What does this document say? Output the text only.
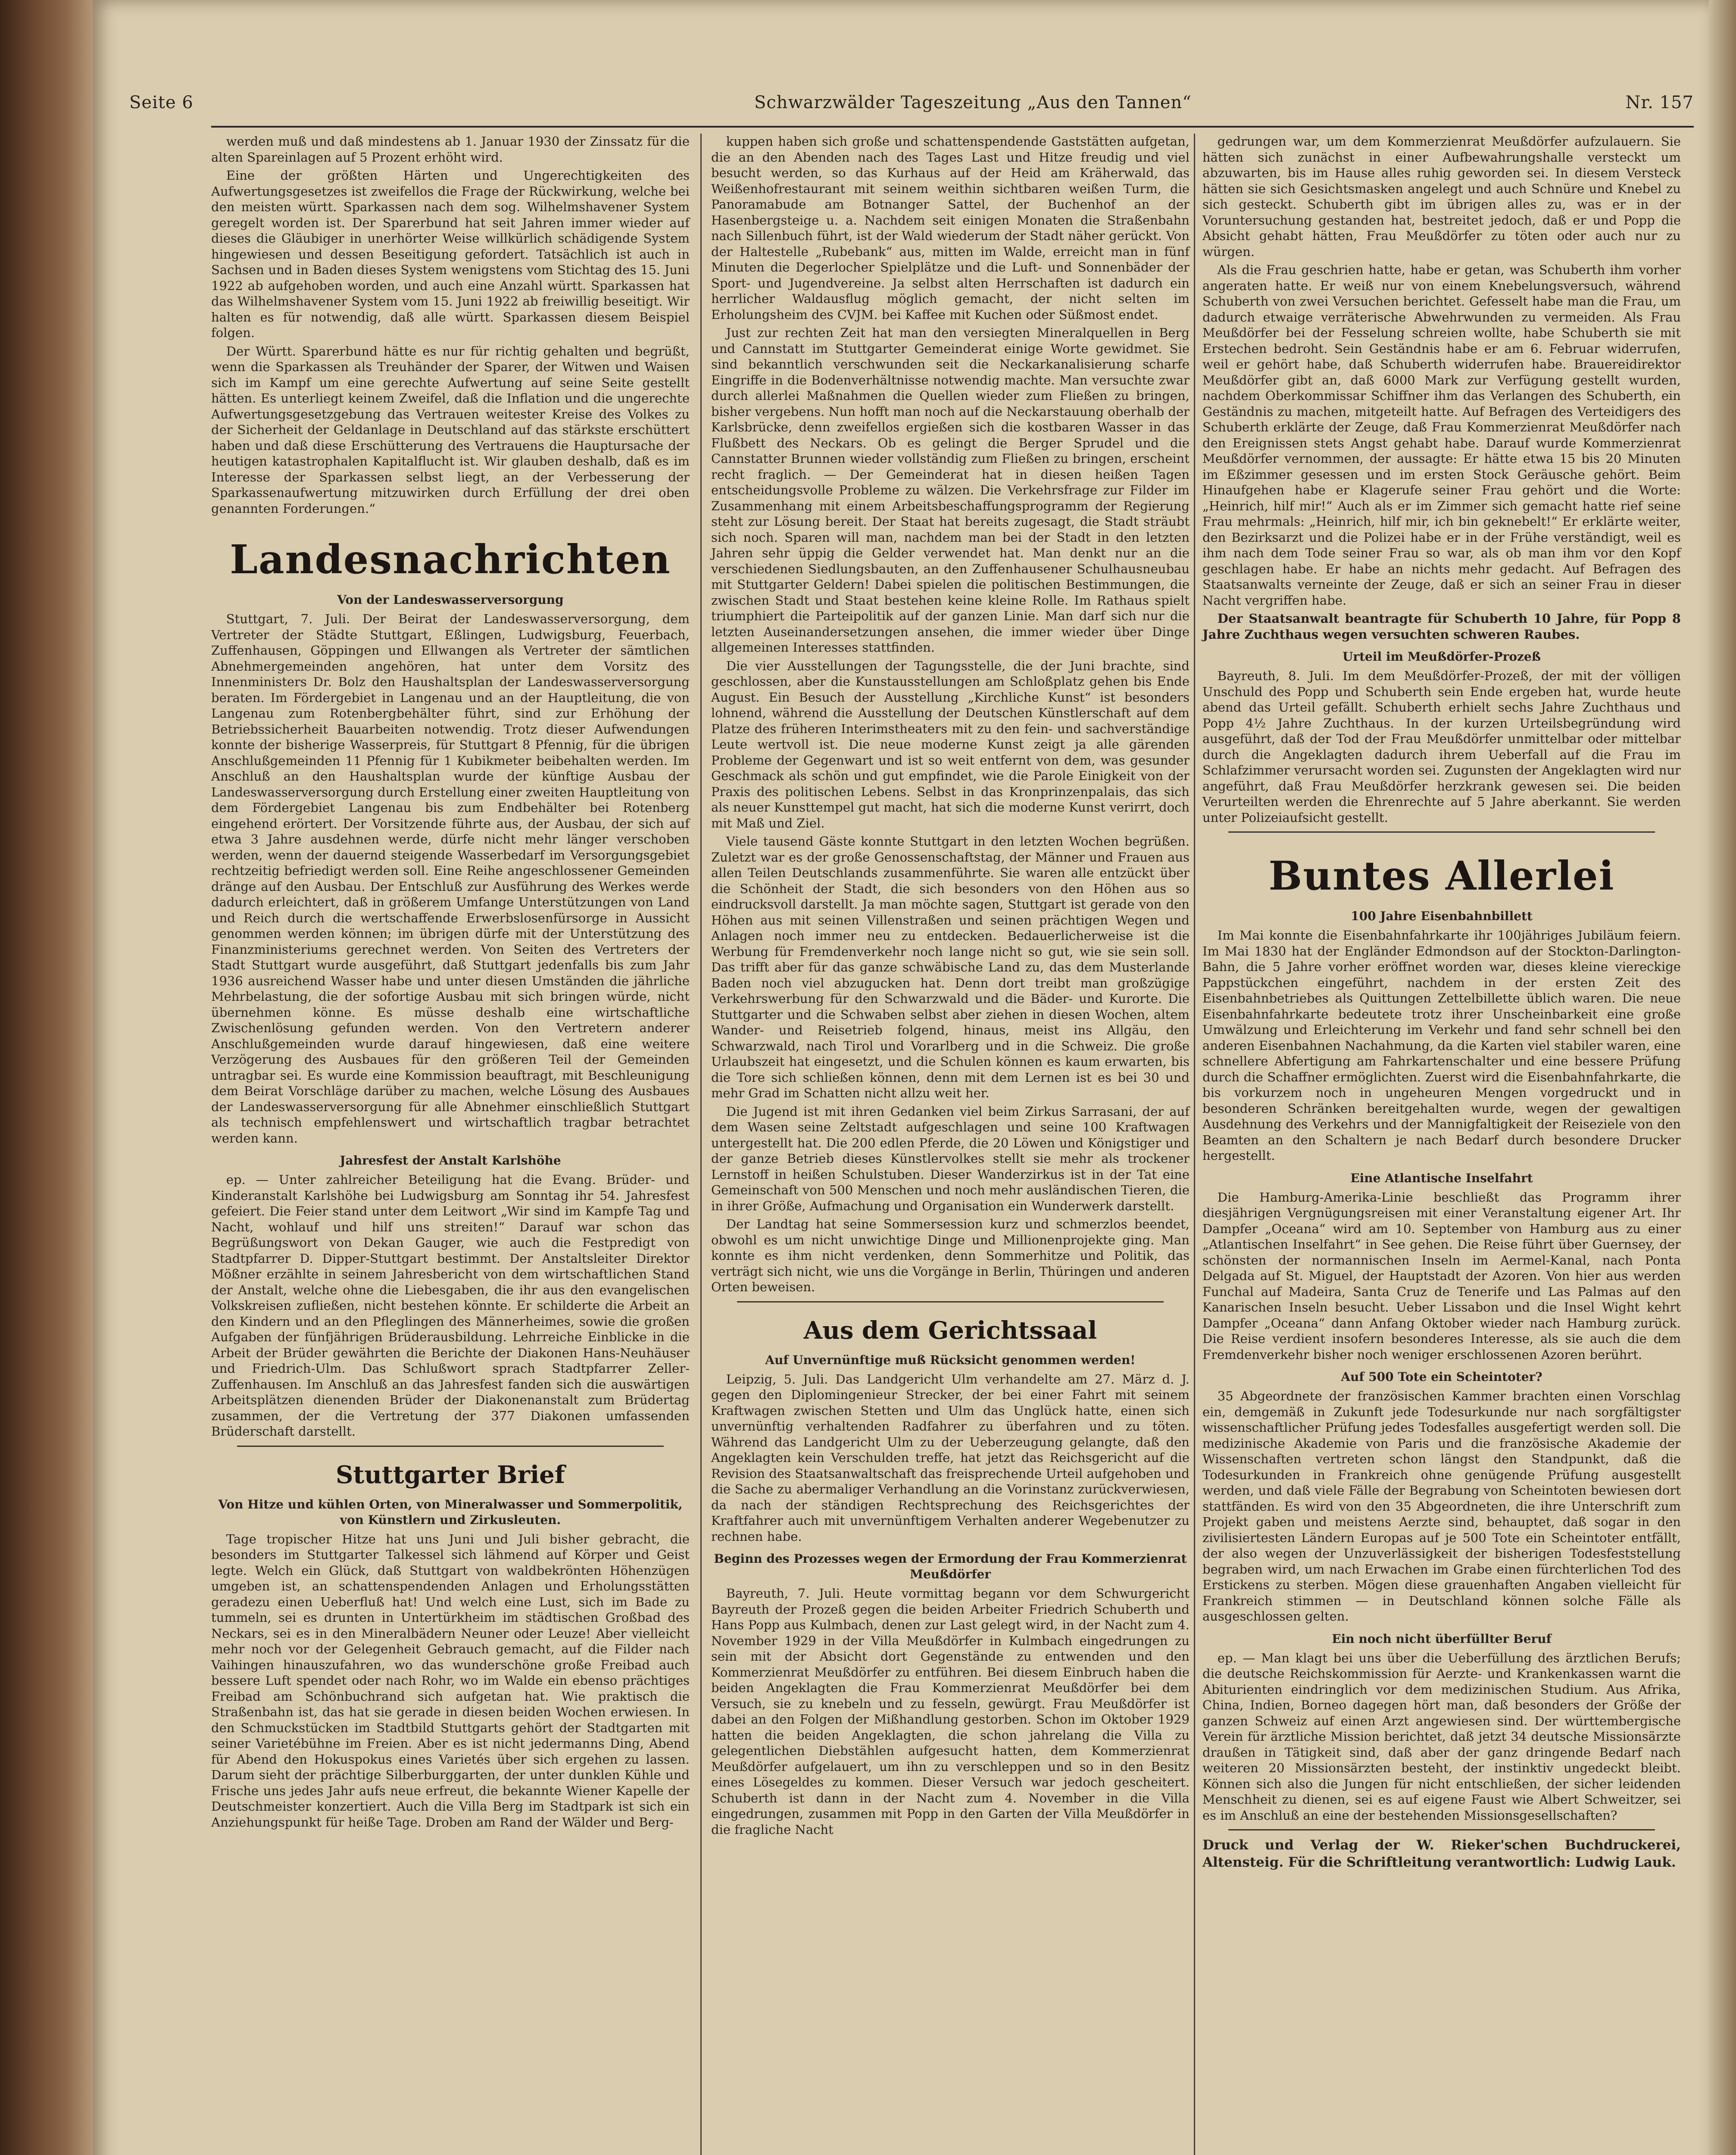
Seite 6	Schwarzwälder Tageszeitung „Aus den Tannen“	Nr. 157

werden muß und daß mindestens ab 1. Januar 1930 der Zinssatz für die alten Spareinlagen auf 5 Prozent erhöht wird.

Eine der größten Härten und Ungerechtigkeiten des Aufwertungsgesetzes ist zweifellos die Frage der Rückwirkung, welche bei den meisten württ. Sparkassen nach dem sog. Wilhelmshavener System geregelt worden ist. Der Sparerbund hat seit Jahren immer wieder auf dieses die Gläubiger in unerhörter Weise willkürlich schädigende System hingewiesen und dessen Beseitigung gefordert. Tatsächlich ist auch in Sachsen und in Baden dieses System wenigstens vom Stichtag des 15. Juni 1922 ab aufgehoben worden, und auch eine Anzahl württ. Sparkassen hat das Wilhelmshavener System vom 15. Juni 1922 ab freiwillig beseitigt. Wir halten es für notwendig, daß alle württ. Sparkassen diesem Beispiel folgen.

Der Württ. Sparerbund hätte es nur für richtig gehalten und begrüßt, wenn die Sparkassen als Treuhänder der Sparer, der Witwen und Waisen sich im Kampf um eine gerechte Aufwertung auf seine Seite gestellt hätten. Es unterliegt keinem Zweifel, daß die Inflation und die ungerechte Aufwertungsgesetzgebung das Vertrauen weitester Kreise des Volkes zu der Sicherheit der Geldanlage in Deutschland auf das stärkste erschüttert haben und daß diese Erschütterung des Vertrauens die Hauptursache der heutigen katastrophalen Kapitalflucht ist. Wir glauben deshalb, daß es im Interesse der Sparkassen selbst liegt, an der Verbesserung der Sparkassenaufwertung mitzuwirken durch Erfüllung der drei oben genannten Forderungen.“

Landesnachrichten
Von der Landeswasserversorgung

Stuttgart, 7. Juli. Der Beirat der Landeswasserversorgung, dem Vertreter der Städte Stuttgart, Eßlingen, Ludwigsburg, Feuerbach, Zuffenhausen, Göppingen und Ellwangen als Vertreter der sämtlichen Abnehmergemeinden angehören, hat unter dem Vorsitz des Innenministers Dr. Bolz den Haushaltsplan der Landeswasserversorgung beraten. Im Fördergebiet in Langenau und an der Hauptleitung, die von Langenau zum Rotenbergbehälter führt, sind zur Erhöhung der Betriebssicherheit Bauarbeiten notwendig. Trotz dieser Aufwendungen konnte der bisherige Wasserpreis, für Stuttgart 8 Pfennig, für die übrigen Anschlußgemeinden 11 Pfennig für 1 Kubikmeter beibehalten werden. Im Anschluß an den Haushaltsplan wurde der künftige Ausbau der Landeswasserversorgung durch Erstellung einer zweiten Hauptleitung von dem Fördergebiet Langenau bis zum Endbehälter bei Rotenberg eingehend erörtert. Der Vorsitzende führte aus, der Ausbau, der sich auf etwa 3 Jahre ausdehnen werde, dürfe nicht mehr länger verschoben werden, wenn der dauernd steigende Wasserbedarf im Versorgungsgebiet rechtzeitig befriedigt werden soll. Eine Reihe angeschlossener Gemeinden dränge auf den Ausbau. Der Entschluß zur Ausführung des Werkes werde dadurch erleichtert, daß in größerem Umfange Unterstützungen von Land und Reich durch die wertschaffende Erwerbslosenfürsorge in Aussicht genommen werden können; im übrigen dürfe mit der Unterstützung des Finanzministeriums gerechnet werden. Von Seiten des Vertreters der Stadt Stuttgart wurde ausgeführt, daß Stuttgart jedenfalls bis zum Jahr 1936 ausreichend Wasser habe und unter diesen Umständen die jährliche Mehrbelastung, die der sofortige Ausbau mit sich bringen würde, nicht übernehmen könne. Es müsse deshalb eine wirtschaftliche Zwischenlösung gefunden werden. Von den Vertretern anderer Anschlußgemeinden wurde darauf hingewiesen, daß eine weitere Verzögerung des Ausbaues für den größeren Teil der Gemeinden untragbar sei. Es wurde eine Kommission beauftragt, mit Beschleunigung dem Beirat Vorschläge darüber zu machen, welche Lösung des Ausbaues der Landeswasserversorgung für alle Abnehmer einschließlich Stuttgart als technisch empfehlenswert und wirtschaftlich tragbar betrachtet werden kann.

Jahresfest der Anstalt Karlshöhe

ep. — Unter zahlreicher Beteiligung hat die Evang. Brüder- und Kinderanstalt Karlshöhe bei Ludwigsburg am Sonntag ihr 54. Jahresfest gefeiert. Die Feier stand unter dem Leitwort „Wir sind im Kampfe Tag und Nacht, wohlauf und hilf uns streiten!“ Darauf war schon das Begrüßungswort von Dekan Gauger, wie auch die Festpredigt von Stadtpfarrer D. Dipper-Stuttgart bestimmt. Der Anstaltsleiter Direktor Mößner erzählte in seinem Jahresbericht von dem wirtschaftlichen Stand der Anstalt, welche ohne die Liebesgaben, die ihr aus den evangelischen Volkskreisen zufließen, nicht bestehen könnte. Er schilderte die Arbeit an den Kindern und an den Pfleglingen des Männerheimes, sowie die großen Aufgaben der fünfjährigen Brüderausbildung. Lehrreiche Einblicke in die Arbeit der Brüder gewährten die Berichte der Diakonen Hans-Neuhäuser und Friedrich-Ulm. Das Schlußwort sprach Stadtpfarrer Zeller-Zuffenhausen. Im Anschluß an das Jahresfest fanden sich die auswärtigen Arbeitsplätzen dienenden Brüder der Diakonenanstalt zum Brüdertag zusammen, der die Vertretung der 377 Diakonen umfassenden Brüderschaft darstellt.

Stuttgarter Brief
Von Hitze und kühlen Orten, von Mineralwasser und Sommerpolitik, von Künstlern und Zirkusleuten.

Tage tropischer Hitze hat uns Juni und Juli bisher gebracht, die besonders im Stuttgarter Talkessel sich lähmend auf Körper und Geist legte. Welch ein Glück, daß Stuttgart von waldbekrönten Höhenzügen umgeben ist, an schattenspendenden Anlagen und Erholungsstätten geradezu einen Ueberfluß hat! Und welch eine Lust, sich im Bade zu tummeln, sei es drunten in Untertürkheim im städtischen Großbad des Neckars, sei es in den Mineralbädern Neuner oder Leuze! Aber vielleicht mehr noch vor der Gelegenheit Gebrauch gemacht, auf die Filder nach Vaihingen hinauszufahren, wo das wunderschöne große Freibad auch bessere Luft spendet oder nach Rohr, wo im Walde ein ebenso prächtiges Freibad am Schönbuchrand sich aufgetan hat. Wie praktisch die Straßenbahn ist, das hat sie gerade in diesen beiden Wochen erwiesen. In den Schmuckstücken im Stadtbild Stuttgarts gehört der Stadtgarten mit seiner Varietébühne im Freien. Aber es ist nicht jedermanns Ding, Abend für Abend den Hokuspokus eines Varietés über sich ergehen zu lassen. Darum sieht der prächtige Silberburggarten, der unter dunklen Kühle und Frische uns jedes Jahr aufs neue erfreut, die bekannte Wiener Kapelle der Deutschmeister konzertiert. Auch die Villa Berg im Stadtpark ist sich ein Anziehungspunkt für heiße Tage. Droben am Rand der Wälder und Berg-

kuppen haben sich große und schattenspendende Gaststätten aufgetan, die an den Abenden nach des Tages Last und Hitze freudig und viel besucht werden, so das Kurhaus auf der Heid am Kräherwald, das Weißenhofrestaurant mit seinem weithin sichtbaren weißen Turm, die Panoramabude am Botnanger Sattel, der Buchenhof an der Hasenbergsteige u. a. Nachdem seit einigen Monaten die Straßenbahn nach Sillenbuch führt, ist der Wald wiederum der Stadt näher gerückt. Von der Haltestelle „Rubebank“ aus, mitten im Walde, erreicht man in fünf Minuten die Degerlocher Spielplätze und die Luft- und Sonnenbäder der Sport- und Jugendvereine. Ja selbst alten Herrschaften ist dadurch ein herrlicher Waldausflug möglich gemacht, der nicht selten im Erholungsheim des CVJM. bei Kaffee mit Kuchen oder Süßmost endet.

Just zur rechten Zeit hat man den versiegten Mineralquellen in Berg und Cannstatt im Stuttgarter Gemeinderat einige Worte gewidmet. Sie sind bekanntlich verschwunden seit die Neckarkanalisierung scharfe Eingriffe in die Bodenverhältnisse notwendig machte. Man versuchte zwar durch allerlei Maßnahmen die Quellen wieder zum Fließen zu bringen, bisher vergebens. Nun hofft man noch auf die Neckarstauung oberhalb der Karlsbrücke, denn zweifellos ergießen sich die kostbaren Wasser in das Flußbett des Neckars. Ob es gelingt die Berger Sprudel und die Cannstatter Brunnen wieder vollständig zum Fließen zu bringen, erscheint recht fraglich. — Der Gemeinderat hat in diesen heißen Tagen entscheidungsvolle Probleme zu wälzen. Die Verkehrsfrage zur Filder im Zusammenhang mit einem Arbeitsbeschaffungsprogramm der Regierung steht zur Lösung bereit. Der Staat hat bereits zugesagt, die Stadt sträubt sich noch. Sparen will man, nachdem man bei der Stadt in den letzten Jahren sehr üppig die Gelder verwendet hat. Man denkt nur an die verschiedenen Siedlungsbauten, an den Zuffenhausener Schulhausneubau mit Stuttgarter Geldern! Dabei spielen die politischen Bestimmungen, die zwischen Stadt und Staat bestehen keine kleine Rolle. Im Rathaus spielt triumphiert die Parteipolitik auf der ganzen Linie. Man darf sich nur die letzten Auseinandersetzungen ansehen, die immer wieder über Dinge allgemeinen Interesses stattfinden.

Die vier Ausstellungen der Tagungsstelle, die der Juni brachte, sind geschlossen, aber die Kunstausstellungen am Schloßplatz gehen bis Ende August. Ein Besuch der Ausstellung „Kirchliche Kunst“ ist besonders lohnend, während die Ausstellung der Deutschen Künstlerschaft auf dem Platze des früheren Interimstheaters mit zu den fein- und sachverständige Leute wertvoll ist. Die neue moderne Kunst zeigt ja alle gärenden Probleme der Gegenwart und ist so weit entfernt von dem, was gesunder Geschmack als schön und gut empfindet, wie die Parole Einigkeit von der Praxis des politischen Lebens. Selbst in das Kronprinzenpalais, das sich als neuer Kunsttempel gut macht, hat sich die moderne Kunst verirrt, doch mit Maß und Ziel.

Viele tausend Gäste konnte Stuttgart in den letzten Wochen begrüßen. Zuletzt war es der große Genossenschaftstag, der Männer und Frauen aus allen Teilen Deutschlands zusammenführte. Sie waren alle entzückt über die Schönheit der Stadt, die sich besonders von den Höhen aus so eindrucksvoll darstellt. Ja man möchte sagen, Stuttgart ist gerade von den Höhen aus mit seinen Villenstraßen und seinen prächtigen Wegen und Anlagen noch immer neu zu entdecken. Bedauerlicherweise ist die Werbung für Fremdenverkehr noch lange nicht so gut, wie sie sein soll. Das trifft aber für das ganze schwäbische Land zu, das dem Musterlande Baden noch viel abzugucken hat. Denn dort treibt man großzügige Verkehrswerbung für den Schwarzwald und die Bäder- und Kurorte. Die Stuttgarter und die Schwaben selbst aber ziehen in diesen Wochen, altem Wander- und Reisetrieb folgend, hinaus, meist ins Allgäu, den Schwarzwald, nach Tirol und Vorarlberg und in die Schweiz. Die große Urlaubszeit hat eingesetzt, und die Schulen können es kaum erwarten, bis die Tore sich schließen können, denn mit dem Lernen ist es bei 30 und mehr Grad im Schatten nicht allzu weit her.

Die Jugend ist mit ihren Gedanken viel beim Zirkus Sarrasani, der auf dem Wasen seine Zeltstadt aufgeschlagen und seine 100 Kraftwagen untergestellt hat. Die 200 edlen Pferde, die 20 Löwen und Königstiger und der ganze Betrieb dieses Künstlervolkes stellt sie mehr als trockener Lernstoff in heißen Schulstuben. Dieser Wanderzirkus ist in der Tat eine Gemeinschaft von 500 Menschen und noch mehr ausländischen Tieren, die in ihrer Größe, Aufmachung und Organisation ein Wunderwerk darstellt.

Der Landtag hat seine Sommersession kurz und schmerzlos beendet, obwohl es um nicht unwichtige Dinge und Millionenprojekte ging. Man konnte es ihm nicht verdenken, denn Sommerhitze und Politik, das verträgt sich nicht, wie uns die Vorgänge in Berlin, Thüringen und anderen Orten beweisen.

Aus dem Gerichtssaal
Auf Unvernünftige muß Rücksicht genommen werden!

Leipzig, 5. Juli. Das Landgericht Ulm verhandelte am 27. März d. J. gegen den Diplomingenieur Strecker, der bei einer Fahrt mit seinem Kraftwagen zwischen Stetten und Ulm das Unglück hatte, einen sich unvernünftig verhaltenden Radfahrer zu überfahren und zu töten. Während das Landgericht Ulm zu der Ueberzeugung gelangte, daß den Angeklagten kein Verschulden treffe, hat jetzt das Reichsgericht auf die Revision des Staatsanwaltschaft das freisprechende Urteil aufgehoben und die Sache zu abermaliger Verhandlung an die Vorinstanz zurückverwiesen, da nach der ständigen Rechtsprechung des Reichsgerichtes der Kraftfahrer auch mit unvernünftigem Verhalten anderer Wegebenutzer zu rechnen habe.

Beginn des Prozesses wegen der Ermordung der Frau Kommerzienrat Meußdörfer

Bayreuth, 7. Juli. Heute vormittag begann vor dem Schwurgericht Bayreuth der Prozeß gegen die beiden Arbeiter Friedrich Schuberth und Hans Popp aus Kulmbach, denen zur Last gelegt wird, in der Nacht zum 4. November 1929 in der Villa Meußdörfer in Kulmbach eingedrungen zu sein mit der Absicht dort Gegenstände zu entwenden und den Kommerzienrat Meußdörfer zu entführen. Bei diesem Einbruch haben die beiden Angeklagten die Frau Kommerzienrat Meußdörfer bei dem Versuch, sie zu knebeln und zu fesseln, gewürgt. Frau Meußdörfer ist dabei an den Folgen der Mißhandlung gestorben. Schon im Oktober 1929 hatten die beiden Angeklagten, die schon jahrelang die Villa zu gelegentlichen Diebstählen aufgesucht hatten, dem Kommerzienrat Meußdörfer aufgelauert, um ihn zu verschleppen und so in den Besitz eines Lösegeldes zu kommen. Dieser Versuch war jedoch gescheitert. Schuberth ist dann in der Nacht zum 4. November in die Villa eingedrungen, zusammen mit Popp in den Garten der Villa Meußdörfer in die fragliche Nacht

gedrungen war, um dem Kommerzienrat Meußdörfer aufzulauern. Sie hätten sich zunächst in einer Aufbewahrungshalle versteckt um abzuwarten, bis im Hause alles ruhig geworden sei. In diesem Versteck hätten sie sich Gesichtsmasken angelegt und auch Schnüre und Knebel zu sich gesteckt. Schuberth gibt im übrigen alles zu, was er in der Voruntersuchung gestanden hat, bestreitet jedoch, daß er und Popp die Absicht gehabt hätten, Frau Meußdörfer zu töten oder auch nur zu würgen.

Als die Frau geschrien hatte, habe er getan, was Schuberth ihm vorher angeraten hatte. Er weiß nur von einem Knebelungsversuch, während Schuberth von zwei Versuchen berichtet. Gefesselt habe man die Frau, um dadurch etwaige verräterische Abwehrwunden zu vermeiden. Als Frau Meußdörfer bei der Fesselung schreien wollte, habe Schuberth sie mit Erstechen bedroht. Sein Geständnis habe er am 6. Februar widerrufen, weil er gehört habe, daß Schuberth widerrufen habe. Brauereidirektor Meußdörfer gibt an, daß 6000 Mark zur Verfügung gestellt wurden, nachdem Oberkommissar Schiffner ihm das Verlangen des Schuberth, ein Geständnis zu machen, mitgeteilt hatte. Auf Befragen des Verteidigers des Schuberth erklärte der Zeuge, daß Frau Kommerzienrat Meußdörfer nach den Ereignissen stets Angst gehabt habe. Darauf wurde Kommerzienrat Meußdörfer vernommen, der aussagte: Er hätte etwa 15 bis 20 Minuten im Eßzimmer gesessen und im ersten Stock Geräusche gehört. Beim Hinaufgehen habe er Klagerufe seiner Frau gehört und die Worte: „Heinrich, hilf mir!“ Auch als er im Zimmer sich gemacht hatte rief seine Frau mehrmals: „Heinrich, hilf mir, ich bin geknebelt!“ Er erklärte weiter, den Bezirksarzt und die Polizei habe er in der Frühe verständigt, weil es ihm nach dem Tode seiner Frau so war, als ob man ihm vor den Kopf geschlagen habe. Er habe an nichts mehr gedacht. Auf Befragen des Staatsanwalts verneinte der Zeuge, daß er sich an seiner Frau in dieser Nacht vergriffen habe.

Der Staatsanwalt beantragte für Schuberth 10 Jahre, für Popp 8 Jahre Zuchthaus wegen versuchten schweren Raubes.

Urteil im Meußdörfer-Prozeß

Bayreuth, 8. Juli. Im dem Meußdörfer-Prozeß, der mit der völligen Unschuld des Popp und Schuberth sein Ende ergeben hat, wurde heute abend das Urteil gefällt. Schuberth erhielt sechs Jahre Zuchthaus und Popp 4½ Jahre Zuchthaus. In der kurzen Urteilsbegründung wird ausgeführt, daß der Tod der Frau Meußdörfer unmittelbar oder mittelbar durch die Angeklagten dadurch ihrem Ueberfall auf die Frau im Schlafzimmer verursacht worden sei. Zugunsten der Angeklagten wird nur angeführt, daß Frau Meußdörfer herzkrank gewesen sei. Die beiden Verurteilten werden die Ehrenrechte auf 5 Jahre aberkannt. Sie werden unter Polizeiaufsicht gestellt.

Buntes Allerlei
100 Jahre Eisenbahnbillett

Im Mai konnte die Eisenbahnfahrkarte ihr 100jähriges Jubiläum feiern. Im Mai 1830 hat der Engländer Edmondson auf der Stockton-Darlington-Bahn, die 5 Jahre vorher eröffnet worden war, dieses kleine viereckige Pappstückchen eingeführt, nachdem in der ersten Zeit des Eisenbahnbetriebes als Quittungen Zettelbillette üblich waren. Die neue Eisenbahnfahrkarte bedeutete trotz ihrer Unscheinbarkeit eine große Umwälzung und Erleichterung im Verkehr und fand sehr schnell bei den anderen Eisenbahnen Nachahmung, da die Karten viel stabiler waren, eine schnellere Abfertigung am Fahrkartenschalter und eine bessere Prüfung durch die Schaffner ermöglichten. Zuerst wird die Eisenbahnfahrkarte, die bis vorkurzem noch in ungeheuren Mengen vorgedruckt und in besonderen Schränken bereitgehalten wurde, wegen der gewaltigen Ausdehnung des Verkehrs und der Mannigfaltigkeit der Reiseziele von den Beamten an den Schaltern je nach Bedarf durch besondere Drucker hergestellt.

Eine Atlantische Inselfahrt

Die Hamburg-Amerika-Linie beschließt das Programm ihrer diesjährigen Vergnügungsreisen mit einer Veranstaltung eigener Art. Ihr Dampfer „Oceana“ wird am 10. September von Hamburg aus zu einer „Atlantischen Inselfahrt“ in See gehen. Die Reise führt über Guernsey, der schönsten der normannischen Inseln im Aermel-Kanal, nach Ponta Delgada auf St. Miguel, der Hauptstadt der Azoren. Von hier aus werden Funchal auf Madeira, Santa Cruz de Tenerife und Las Palmas auf den Kanarischen Inseln besucht. Ueber Lissabon und die Insel Wight kehrt Dampfer „Oceana“ dann Anfang Oktober wieder nach Hamburg zurück. Die Reise verdient insofern besonderes Interesse, als sie auch die dem Fremdenverkehr bisher noch weniger erschlossenen Azoren berührt.

Auf 500 Tote ein Scheintoter?

35 Abgeordnete der französischen Kammer brachten einen Vorschlag ein, demgemäß in Zukunft jede Todesurkunde nur nach sorgfältigster wissenschaftlicher Prüfung jedes Todesfalles ausgefertigt werden soll. Die medizinische Akademie von Paris und die französische Akademie der Wissenschaften vertreten schon längst den Standpunkt, daß die Todesurkunden in Frankreich ohne genügende Prüfung ausgestellt werden, und daß viele Fälle der Begrabung von Scheintoten bewiesen dort stattfänden. Es wird von den 35 Abgeordneten, die ihre Unterschrift zum Projekt gaben und meistens Aerzte sind, behauptet, daß sogar in den zivilisiertesten Ländern Europas auf je 500 Tote ein Scheintoter entfällt, der also wegen der Unzuverlässigkeit der bisherigen Todesfeststellung begraben wird, um nach Erwachen im Grabe einen fürchterlichen Tod des Erstickens zu sterben. Mögen diese grauenhaften Angaben vielleicht für Frankreich stimmen — in Deutschland können solche Fälle als ausgeschlossen gelten.

Ein noch nicht überfüllter Beruf

ep. — Man klagt bei uns über die Ueberfüllung des ärztlichen Berufs; die deutsche Reichskommission für Aerzte- und Krankenkassen warnt die Abiturienten eindringlich vor dem medizinischen Studium. Aus Afrika, China, Indien, Borneo dagegen hört man, daß besonders der Größe der ganzen Schweiz auf einen Arzt angewiesen sind. Der württembergische Verein für ärztliche Mission berichtet, daß jetzt 34 deutsche Missionsärzte draußen in Tätigkeit sind, daß aber der ganz dringende Bedarf nach weiteren 20 Missionsärzten besteht, der instinktiv ungedeckt bleibt. Können sich also die Jungen für nicht entschließen, der sicher leidenden Menschheit zu dienen, sei es auf eigene Faust wie Albert Schweitzer, sei es im Anschluß an eine der bestehenden Missionsgesellschaften?

Druck und Verlag der W. Rieker'schen Buchdruckerei, Altensteig. Für die Schriftleitung verantwortlich: Ludwig Lauk.
